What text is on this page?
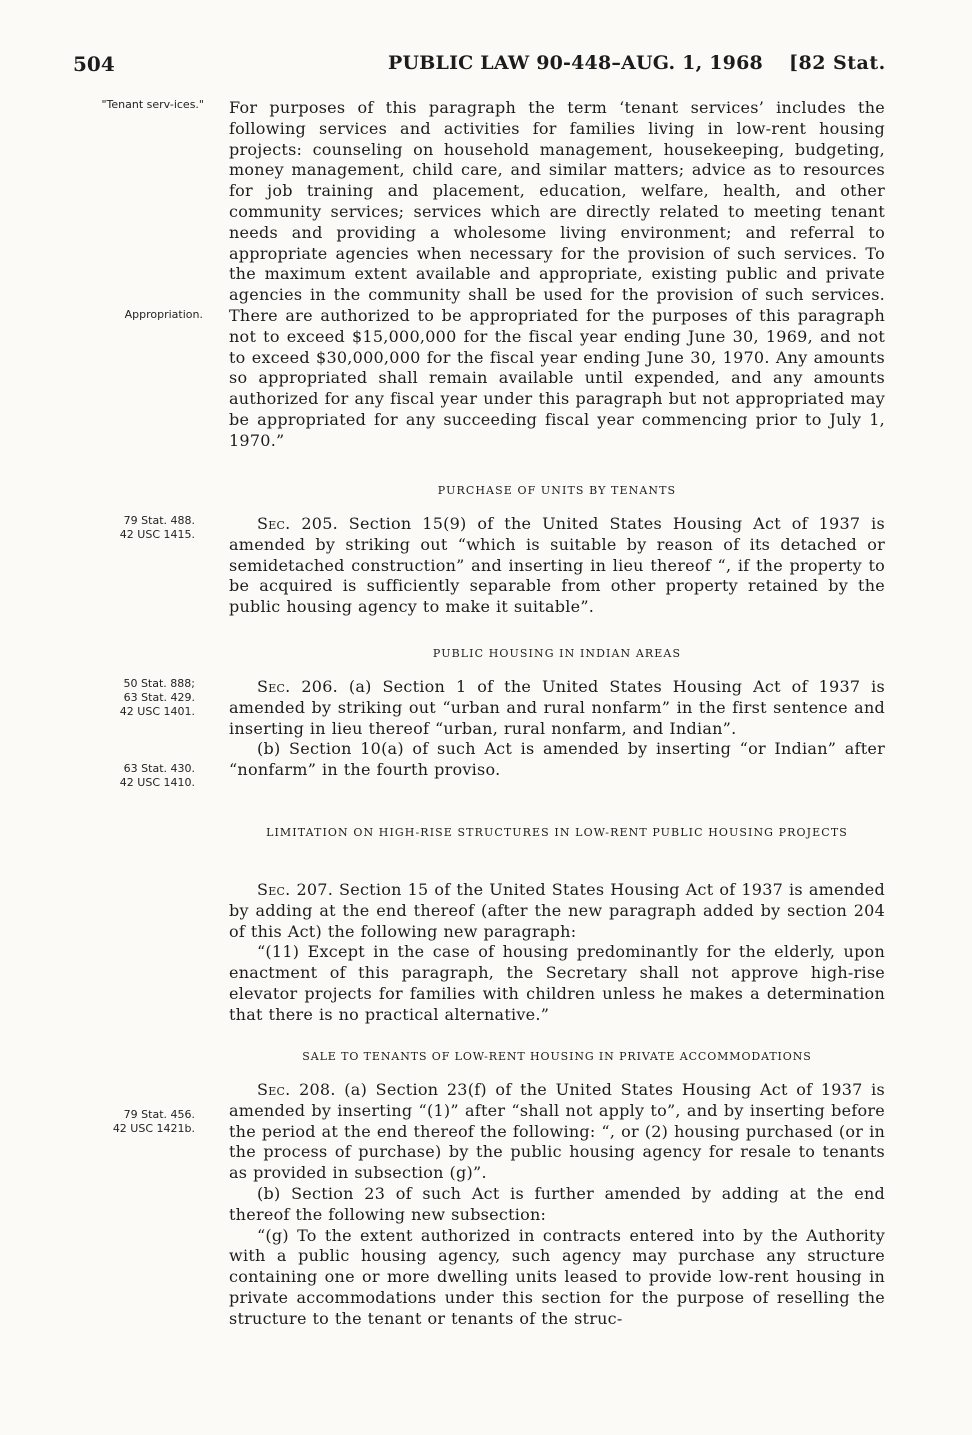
504	PUBLIC LAW 90-448–AUG. 1, 1968 [82 Stat.
"Tenant serv-ices."
Appropriation.
79 Stat. 488.
42 USC 1415.
50 Stat. 888;
63 Stat. 429.
42 USC 1401.
63 Stat. 430.
42 USC 1410.
79 Stat. 456.
42 USC 1421b.

For purposes of this paragraph the term ‘tenant services’ includes the following services and activities for families living in low-rent housing projects: counseling on household management, housekeeping, budgeting, money management, child care, and similar matters; advice as to resources for job training and placement, education, welfare, health, and other community services; services which are directly related to meeting tenant needs and providing a wholesome living environment; and referral to appropriate agencies when necessary for the provision of such services. To the maximum extent available and appropriate, existing public and private agencies in the community shall be used for the provision of such services. There are authorized to be appropriated for the purposes of this paragraph not to exceed $15,000,000 for the fiscal year ending June 30, 1969, and not to exceed $30,000,000 for the fiscal year ending June 30, 1970. Any amounts so appropriated shall remain available until expended, and any amounts authorized for any fiscal year under this paragraph but not appropriated may be appropriated for any succeeding fiscal year commencing prior to July 1, 1970.”

PURCHASE OF UNITS BY TENANTS

Sec. 205. Section 15(9) of the United States Housing Act of 1937 is amended by striking out “which is suitable by reason of its detached or semidetached construction” and inserting in lieu thereof “, if the property to be acquired is sufficiently separable from other property retained by the public housing agency to make it suitable”.

PUBLIC HOUSING IN INDIAN AREAS

Sec. 206. (a) Section 1 of the United States Housing Act of 1937 is amended by striking out “urban and rural nonfarm” in the first sentence and inserting in lieu thereof “urban, rural nonfarm, and Indian”.

(b) Section 10(a) of such Act is amended by inserting “or Indian” after “nonfarm” in the fourth proviso.

LIMITATION ON HIGH-RISE STRUCTURES IN LOW-RENT PUBLIC HOUSING PROJECTS

Sec. 207. Section 15 of the United States Housing Act of 1937 is amended by adding at the end thereof (after the new paragraph added by section 204 of this Act) the following new paragraph:

“(11) Except in the case of housing predominantly for the elderly, upon enactment of this paragraph, the Secretary shall not approve high-rise elevator projects for families with children unless he makes a determination that there is no practical alternative.”

SALE TO TENANTS OF LOW-RENT HOUSING IN PRIVATE ACCOMMODATIONS

Sec. 208. (a) Section 23(f) of the United States Housing Act of 1937 is amended by inserting “(1)” after “shall not apply to”, and by inserting before the period at the end thereof the following: “, or (2) housing purchased (or in the process of purchase) by the public housing agency for resale to tenants as provided in subsection (g)”.

(b) Section 23 of such Act is further amended by adding at the end thereof the following new subsection:

“(g) To the extent authorized in contracts entered into by the Authority with a public housing agency, such agency may purchase any structure containing one or more dwelling units leased to provide low-rent housing in private accommodations under this section for the purpose of reselling the structure to the tenant or tenants of the struc-
